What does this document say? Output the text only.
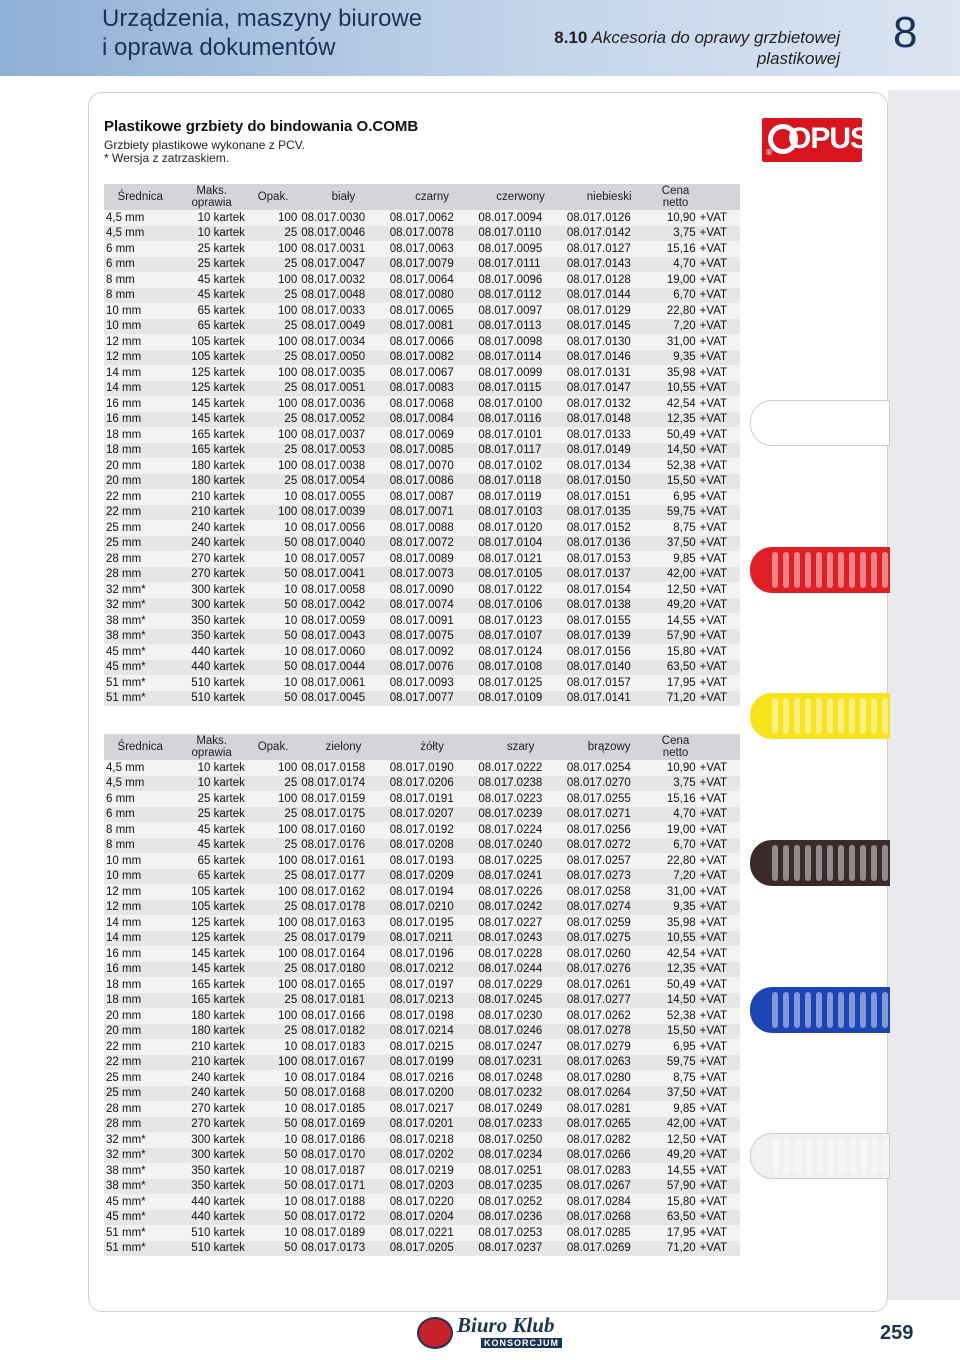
Urządzenia, maszyny biurowe
i oprawa dokumentów	8.10 Akcesoria do oprawy grzbietowej
plastikowej
8
Plastikowe grzbiety do bindowania O.COMB
Grzbiety plastikowe wykonane z PCV.
* Wersja z zatrzaskiem.
OPUS
®
Średnica	Maks. oprawia	Opak.	biały	czarny	czerwony	niebieski	Cena
netto	
4,5 mm	10 kartek	100	08.017.0030	08.017.0062	08.017.0094	08.017.0126	10,90	+VAT
4,5 mm	10 kartek	25	08.017.0046	08.017.0078	08.017.0110	08.017.0142	3,75	+VAT
6 mm	25 kartek	100	08.017.0031	08.017.0063	08.017.0095	08.017.0127	15,16	+VAT
6 mm	25 kartek	25	08.017.0047	08.017.0079	08.017.0111	08.017.0143	4,70	+VAT
8 mm	45 kartek	100	08.017.0032	08.017.0064	08.017.0096	08.017.0128	19,00	+VAT
8 mm	45 kartek	25	08.017.0048	08.017.0080	08.017.0112	08.017.0144	6,70	+VAT
10 mm	65 kartek	100	08.017.0033	08.017.0065	08.017.0097	08.017.0129	22,80	+VAT
10 mm	65 kartek	25	08.017.0049	08.017.0081	08.017.0113	08.017.0145	7,20	+VAT
12 mm	105 kartek	100	08.017.0034	08.017.0066	08.017.0098	08.017.0130	31,00	+VAT
12 mm	105 kartek	25	08.017.0050	08.017.0082	08.017.0114	08.017.0146	9,35	+VAT
14 mm	125 kartek	100	08.017.0035	08.017.0067	08.017.0099	08.017.0131	35,98	+VAT
14 mm	125 kartek	25	08.017.0051	08.017.0083	08.017.0115	08.017.0147	10,55	+VAT
16 mm	145 kartek	100	08.017.0036	08.017.0068	08.017.0100	08.017.0132	42,54	+VAT
16 mm	145 kartek	25	08.017.0052	08.017.0084	08.017.0116	08.017.0148	12,35	+VAT
18 mm	165 kartek	100	08.017.0037	08.017.0069	08.017.0101	08.017.0133	50,49	+VAT
18 mm	165 kartek	25	08.017.0053	08.017.0085	08.017.0117	08.017.0149	14,50	+VAT
20 mm	180 kartek	100	08.017.0038	08.017.0070	08.017.0102	08.017.0134	52,38	+VAT
20 mm	180 kartek	25	08.017.0054	08.017.0086	08.017.0118	08.017.0150	15,50	+VAT
22 mm	210 kartek	10	08.017.0055	08.017.0087	08.017.0119	08.017.0151	6,95	+VAT
22 mm	210 kartek	100	08.017.0039	08.017.0071	08.017.0103	08.017.0135	59,75	+VAT
25 mm	240 kartek	10	08.017.0056	08.017.0088	08.017.0120	08.017.0152	8,75	+VAT
25 mm	240 kartek	50	08.017.0040	08.017.0072	08.017.0104	08.017.0136	37,50	+VAT
28 mm	270 kartek	10	08.017.0057	08.017.0089	08.017.0121	08.017.0153	9,85	+VAT
28 mm	270 kartek	50	08.017.0041	08.017.0073	08.017.0105	08.017.0137	42,00	+VAT
32 mm*	300 kartek	10	08.017.0058	08.017.0090	08.017.0122	08.017.0154	12,50	+VAT
32 mm*	300 kartek	50	08.017.0042	08.017.0074	08.017.0106	08.017.0138	49,20	+VAT
38 mm*	350 kartek	10	08.017.0059	08.017.0091	08.017.0123	08.017.0155	14,55	+VAT
38 mm*	350 kartek	50	08.017.0043	08.017.0075	08.017.0107	08.017.0139	57,90	+VAT
45 mm*	440 kartek	10	08.017.0060	08.017.0092	08.017.0124	08.017.0156	15,80	+VAT
45 mm*	440 kartek	50	08.017.0044	08.017.0076	08.017.0108	08.017.0140	63,50	+VAT
51 mm*	510 kartek	10	08.017.0061	08.017.0093	08.017.0125	08.017.0157	17,95	+VAT
51 mm*	510 kartek	50	08.017.0045	08.017.0077	08.017.0109	08.017.0141	71,20	+VAT
Średnica	Maks. oprawia	Opak.	zielony	żółty	szary	brązowy	Cena
netto	
4,5 mm	10 kartek	100	08.017.0158	08.017.0190	08.017.0222	08.017.0254	10,90	+VAT
4,5 mm	10 kartek	25	08.017.0174	08.017.0206	08.017.0238	08.017.0270	3,75	+VAT
6 mm	25 kartek	100	08.017.0159	08.017.0191	08.017.0223	08.017.0255	15,16	+VAT
6 mm	25 kartek	25	08.017.0175	08.017.0207	08.017.0239	08.017.0271	4,70	+VAT
8 mm	45 kartek	100	08.017.0160	08.017.0192	08.017.0224	08.017.0256	19,00	+VAT
8 mm	45 kartek	25	08.017.0176	08.017.0208	08.017.0240	08.017.0272	6,70	+VAT
10 mm	65 kartek	100	08.017.0161	08.017.0193	08.017.0225	08.017.0257	22,80	+VAT
10 mm	65 kartek	25	08.017.0177	08.017.0209	08.017.0241	08.017.0273	7,20	+VAT
12 mm	105 kartek	100	08.017.0162	08.017.0194	08.017.0226	08.017.0258	31,00	+VAT
12 mm	105 kartek	25	08.017.0178	08.017.0210	08.017.0242	08.017.0274	9,35	+VAT
14 mm	125 kartek	100	08.017.0163	08.017.0195	08.017.0227	08.017.0259	35,98	+VAT
14 mm	125 kartek	25	08.017.0179	08.017.0211	08.017.0243	08.017.0275	10,55	+VAT
16 mm	145 kartek	100	08.017.0164	08.017.0196	08.017.0228	08.017.0260	42,54	+VAT
16 mm	145 kartek	25	08.017.0180	08.017.0212	08.017.0244	08.017.0276	12,35	+VAT
18 mm	165 kartek	100	08.017.0165	08.017.0197	08.017.0229	08.017.0261	50,49	+VAT
18 mm	165 kartek	25	08.017.0181	08.017.0213	08.017.0245	08.017.0277	14,50	+VAT
20 mm	180 kartek	100	08.017.0166	08.017.0198	08.017.0230	08.017.0262	52,38	+VAT
20 mm	180 kartek	25	08.017.0182	08.017.0214	08.017.0246	08.017.0278	15,50	+VAT
22 mm	210 kartek	10	08.017.0183	08.017.0215	08.017.0247	08.017.0279	6,95	+VAT
22 mm	210 kartek	100	08.017.0167	08.017.0199	08.017.0231	08.017.0263	59,75	+VAT
25 mm	240 kartek	10	08.017.0184	08.017.0216	08.017.0248	08.017.0280	8,75	+VAT
25 mm	240 kartek	50	08.017.0168	08.017.0200	08.017.0232	08.017.0264	37,50	+VAT
28 mm	270 kartek	10	08.017.0185	08.017.0217	08.017.0249	08.017.0281	9,85	+VAT
28 mm	270 kartek	50	08.017.0169	08.017.0201	08.017.0233	08.017.0265	42,00	+VAT
32 mm*	300 kartek	10	08.017.0186	08.017.0218	08.017.0250	08.017.0282	12,50	+VAT
32 mm*	300 kartek	50	08.017.0170	08.017.0202	08.017.0234	08.017.0266	49,20	+VAT
38 mm*	350 kartek	10	08.017.0187	08.017.0219	08.017.0251	08.017.0283	14,55	+VAT
38 mm*	350 kartek	50	08.017.0171	08.017.0203	08.017.0235	08.017.0267	57,90	+VAT
45 mm*	440 kartek	10	08.017.0188	08.017.0220	08.017.0252	08.017.0284	15,80	+VAT
45 mm*	440 kartek	50	08.017.0172	08.017.0204	08.017.0236	08.017.0268	63,50	+VAT
51 mm*	510 kartek	10	08.017.0189	08.017.0221	08.017.0253	08.017.0285	17,95	+VAT
51 mm*	510 kartek	50	08.017.0173	08.017.0205	08.017.0237	08.017.0269	71,20	+VAT
Biuro Klub
KONSORCJUM	259
